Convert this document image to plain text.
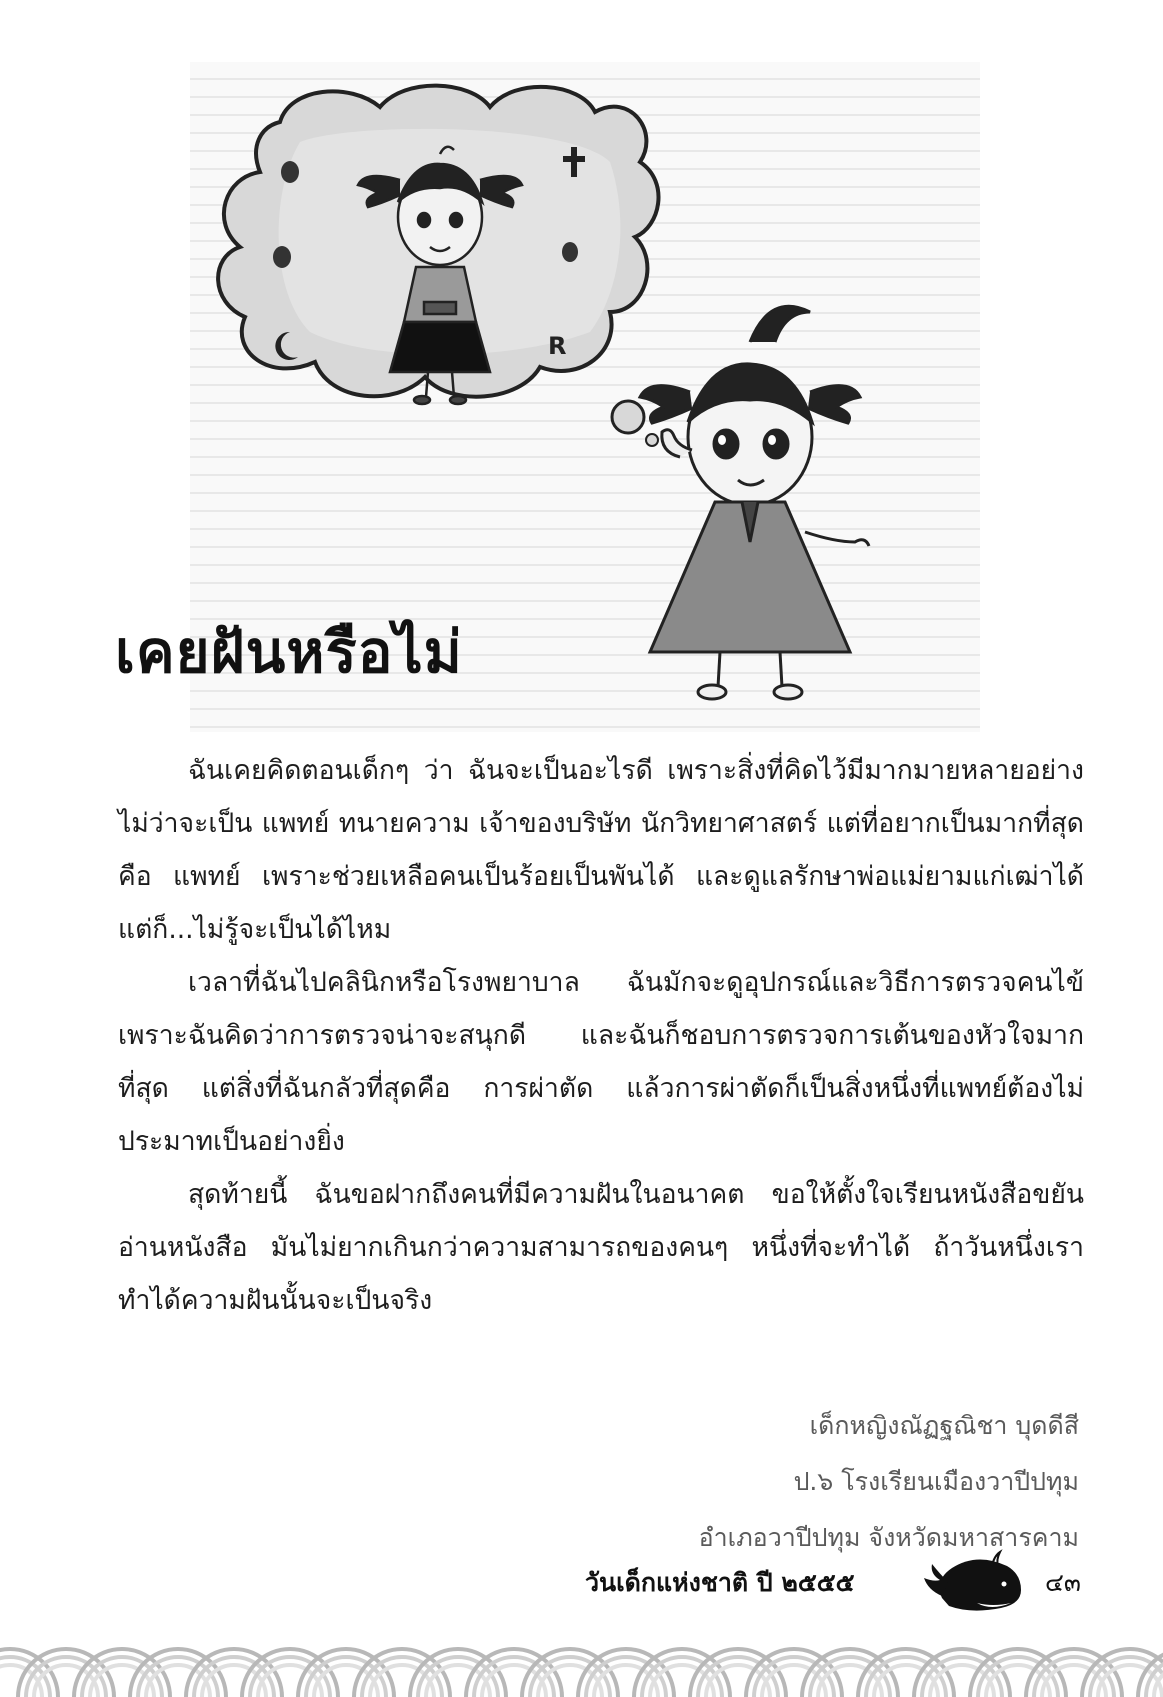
R
เคยฝันหรือไม่

ฉันเคยคิดตอนเด็กๆ ว่า ฉันจะเป็นอะไรดี เพราะสิ่งที่คิดไว้มีมากมายหลายอย่าง ไม่ว่าจะเป็น แพทย์ ทนายความ เจ้าของบริษัท นักวิทยาศาสตร์ แต่ที่อยากเป็นมากที่สุดคือ แพทย์ เพราะช่วยเหลือคนเป็นร้อยเป็นพันได้ และดูแลรักษาพ่อแม่ยามแก่เฒ่าได้ แต่ก็...ไม่รู้จะเป็นได้ไหม

เวลาที่ฉันไปคลินิกหรือโรงพยาบาล ฉันมักจะดูอุปกรณ์และวิธีการตรวจคนไข้ เพราะฉันคิดว่าการตรวจน่าจะสนุกดี และฉันก็ชอบการตรวจการเต้นของหัวใจมากที่สุด แต่สิ่งที่ฉันกลัวที่สุดคือ การผ่าตัด แล้วการผ่าตัดก็เป็นสิ่งหนึ่งที่แพทย์ต้องไม่ประมาทเป็นอย่างยิ่ง

สุดท้ายนี้ ฉันขอฝากถึงคนที่มีความฝันในอนาคต ขอให้ตั้งใจเรียนหนังสือขยันอ่านหนังสือ มันไม่ยากเกินกว่าความสามารถของคนๆ หนึ่งที่จะทำได้ ถ้าวันหนึ่งเราทำได้ความฝันนั้นจะเป็นจริง

เด็กหญิงณัฏฐณิชา บุดดีสี
ป.๖ โรงเรียนเมืองวาปีปทุม
อำเภอวาปีปทุม จังหวัดมหาสารคาม
วันเด็กแห่งชาติ ปี ๒๕๕๕	๔๓
